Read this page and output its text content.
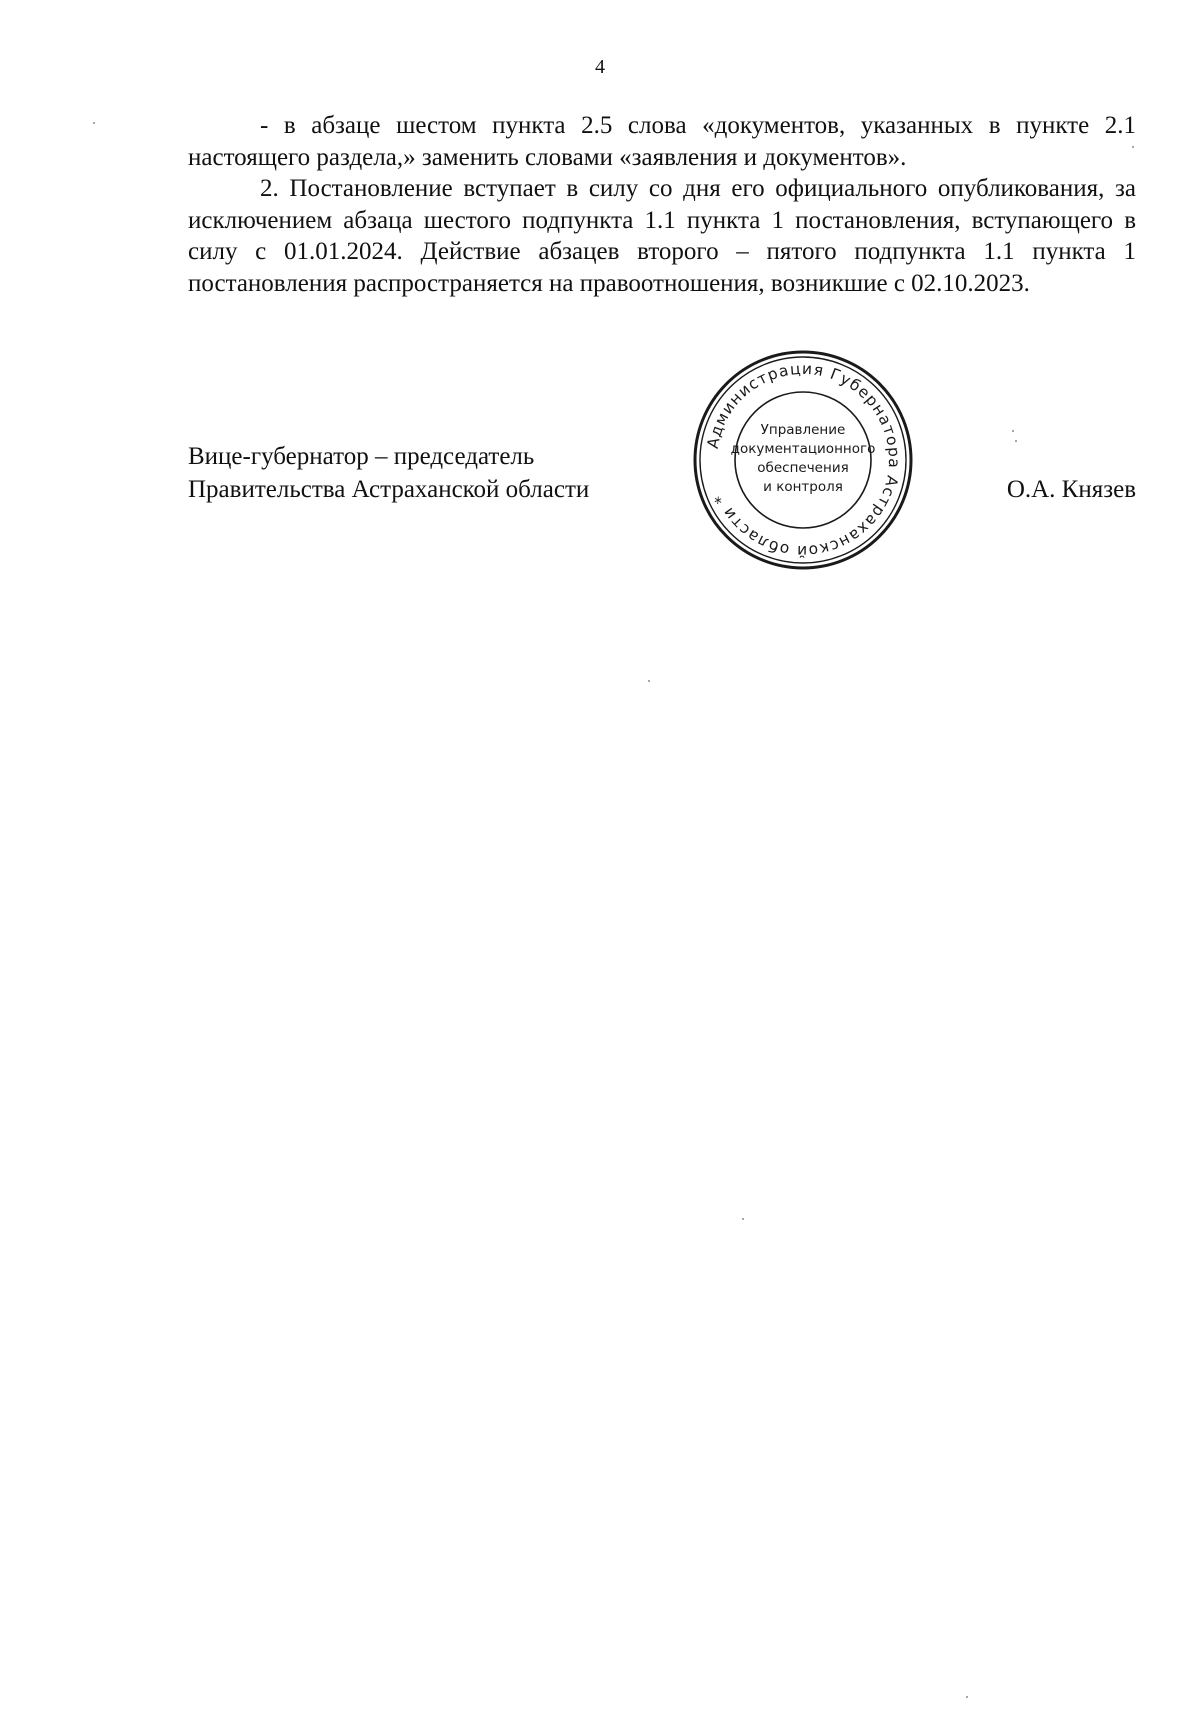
4

- в абзаце шестом пункта 2.5 слова «документов, указанных в пункте 2.1 настоящего раздела,» заменить словами «заявления и документов».

2. Постановление вступает в силу со дня его официального опубликования, за исключением абзаца шестого подпункта 1.1 пункта 1 постановления, вступающего в силу с 01.01.2024. Действие абзацев второго – пятого подпункта 1.1 пункта 1 постановления распространяется на правоотношения, возникшие с 02.10.2023.

Вице-губернатор – председатель
Правительства Астраханской области	О.А. Князев
Администрация Губернатора Астраханской области *
Управление
документационного
обеспечения
и контроля
